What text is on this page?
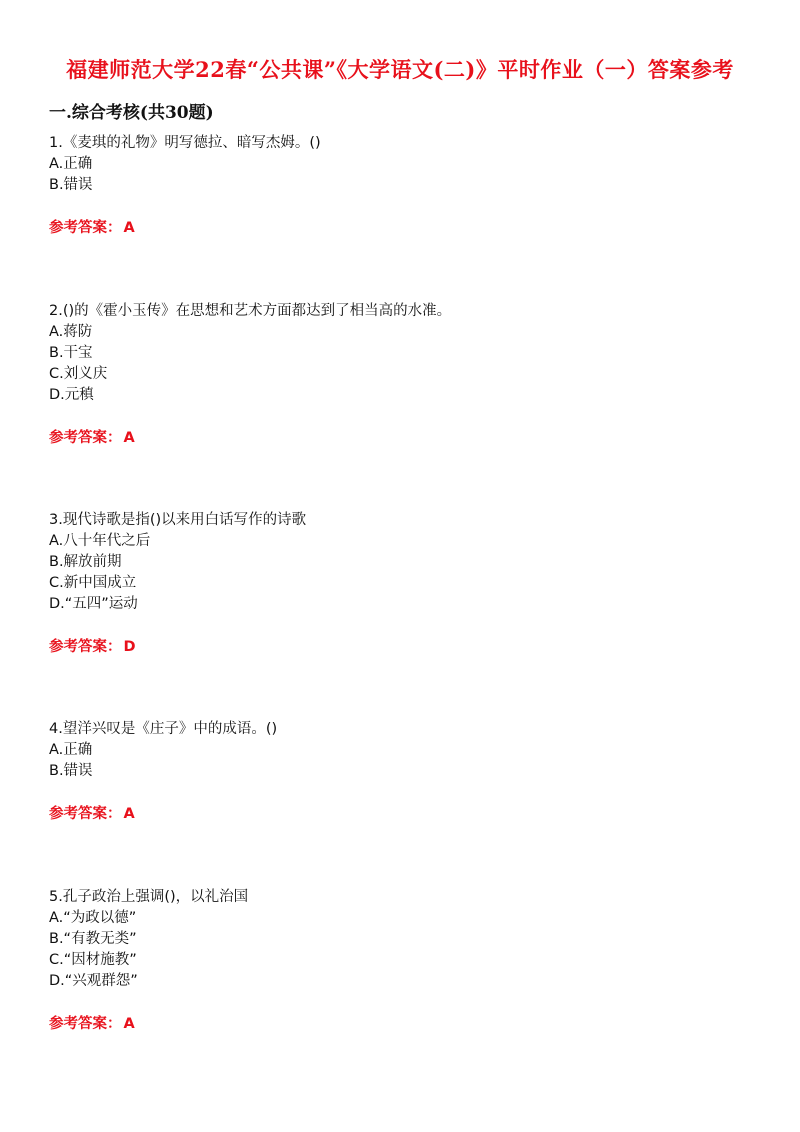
福建师范大学22春“公共课”《大学语文(二)》平时作业（一）答案参考
一.综合考核(共30题)
1.《麦琪的礼物》明写德拉、暗写杰姆。()
A.正确
B.错误
参考答案： A
2.()的《霍小玉传》在思想和艺术方面都达到了相当高的水准。
A.蒋防
B.干宝
C.刘义庆
D.元稹
参考答案： A
3.现代诗歌是指()以来用白话写作的诗歌
A.八十年代之后
B.解放前期
C.新中国成立
D.“五四”运动
参考答案： D
4.望洋兴叹是《庄子》中的成语。()
A.正确
B.错误
参考答案： A
5.孔子政治上强调()，以礼治国
A.“为政以德”
B.“有教无类”
C.“因材施教”
D.“兴观群怨”
参考答案： A
